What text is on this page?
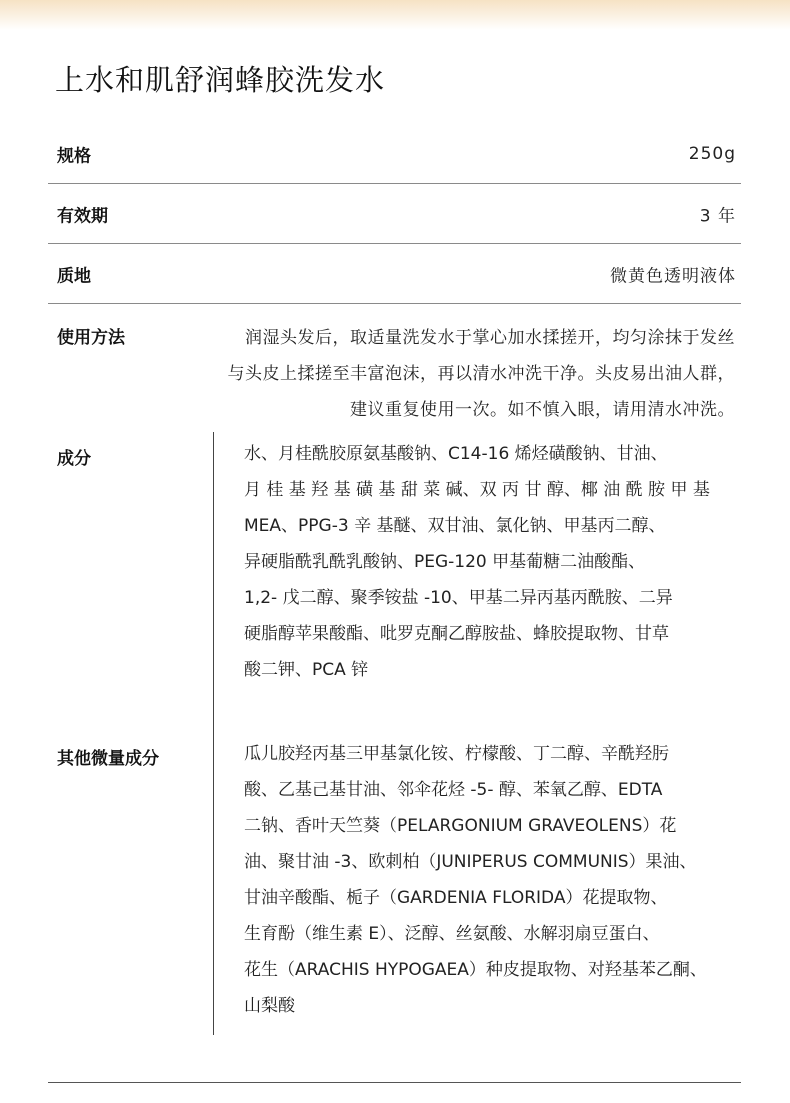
上水和肌舒润蜂胶洗发水
规格	250g
有效期	3 年
质地	微黄色透明液体
使用方法	润湿头发后，取适量洗发水于掌心加水揉搓开，均匀涂抹于发丝
与头皮上揉搓至丰富泡沫，再以清水冲洗干净。头皮易出油人群，
建议重复使用一次。如不慎入眼，请用清水冲洗。
成分	水、月桂酰胶原氨基酸钠、C14-16 烯烃磺酸钠、甘油、
月 桂 基 羟 基 磺 基 甜 菜 碱、双 丙 甘 醇、椰 油 酰 胺 甲 基
MEA、PPG-3 辛 基醚、双甘油、氯化钠、甲基丙二醇、
异硬脂酰乳酰乳酸钠、PEG-120 甲基葡糖二油酸酯、
1,2- 戊二醇、聚季铵盐 -10、甲基二异丙基丙酰胺、二异
硬脂醇苹果酸酯、吡罗克酮乙醇胺盐、蜂胶提取物、甘草
酸二钾、PCA 锌
其他微量成分	瓜儿胶羟丙基三甲基氯化铵、柠檬酸、丁二醇、辛酰羟肟
酸、乙基己基甘油、邻伞花烃 -5- 醇、苯氧乙醇、EDTA
二钠、香叶天竺葵（PELARGONIUM GRAVEOLENS）花
油、聚甘油 -3、欧刺柏（JUNIPERUS COMMUNIS）果油、
甘油辛酸酯、栀子（GARDENIA FLORIDA）花提取物、
生育酚（维生素 E）、泛醇、丝氨酸、水解羽扇豆蛋白、
花生（ARACHIS HYPOGAEA）种皮提取物、对羟基苯乙酮、
山梨酸
